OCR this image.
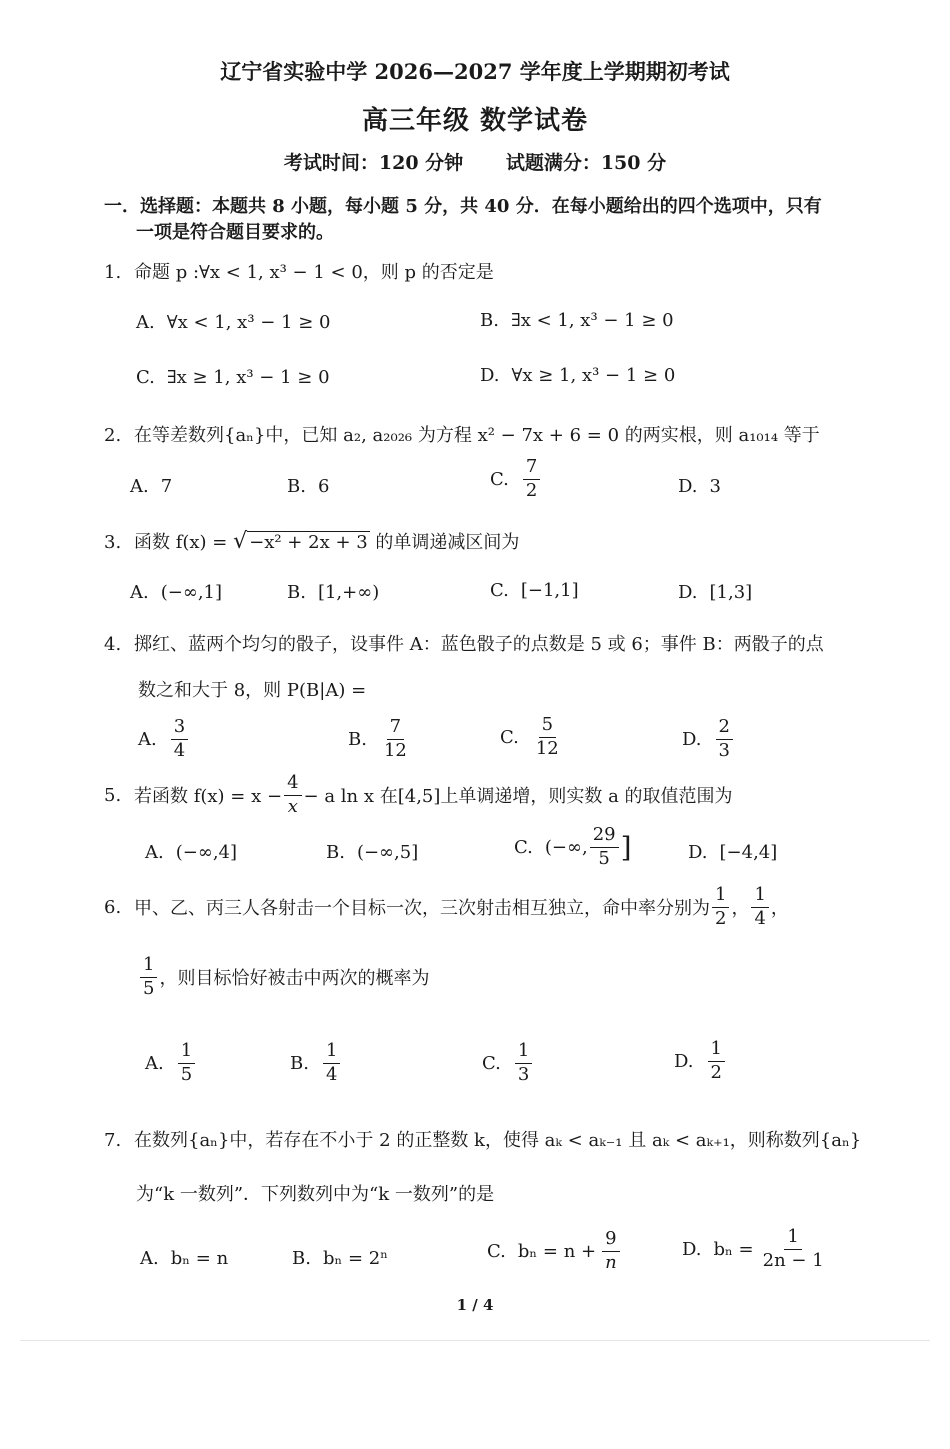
辽宁省实验中学 2026—2027 学年度上学期期初考试
高三年级 数学试卷
考试时间：120 分钟 试题满分：150 分
一．选择题：本题共 8 小题，每小题 5 分，共 40 分．在每小题给出的四个选项中，只有
一项是符合题目要求的。
1. 命题 p :∀x < 1, x³ − 1 < 0，则 p 的否定是
A. ∀x < 1, x³ − 1 ≥ 0	B. ∃x < 1, x³ − 1 ≥ 0
C. ∃x ≥ 1, x³ − 1 ≥ 0	D. ∀x ≥ 1, x³ − 1 ≥ 0
2. 在等差数列{aₙ}中，已知 a₂, a₂₀₂₆ 为方程 x² − 7x + 6 = 0 的两实根，则 a₁₀₁₄ 等于
A. 7	B. 6	C. $\frac{7}{2}$	D. 3
3. 函数 f(x) = √ −x² + 2x + 3 的单调递减区间为
A. (−∞,1]	B. [1,+∞)	C. [−1,1]	D. [1,3]
4. 掷红、蓝两个均匀的骰子，设事件 A：蓝色骰子的点数是 5 或 6；事件 B：两骰子的点
数之和大于 8，则 P(B|A) =
A. $\frac{3}{4}$	B. $\frac{7}{12}$	C. $\frac{5}{12}$	D. $\frac{2}{3}$
5. 若函数 $f(x) = x - \frac{4}{x} - a$ ln x 在[4,5]上单调递增，则实数 a 的取值范围为
A. (−∞,4]	B. (−∞,5]	C. (−∞, $\frac{29}{5}$ ]	D. [−4,4]
6. 甲、乙、丙三人各射击一个目标一次，三次射击相互独立，命中率分别为 $\frac{1}{2}$ ， $\frac{1}{4}$ ，
$\frac{1}{5}$ ，则目标恰好被击中两次的概率为
A. $\frac{1}{5}$	B. $\frac{1}{4}$	C. $\frac{1}{3}$	D. $\frac{1}{2}$
7. 在数列{aₙ}中，若存在不小于 2 的正整数 k，使得 aₖ < aₖ₋₁ 且 aₖ < aₖ₊₁，则称数列{aₙ}
为“k 一数列”．下列数列中为“k 一数列”的是
A. bₙ = n	B. bₙ = 2ⁿ	C. $b_n = n + \frac{9}{n}$	D. $b_n = \frac{1}{2n - 1}$
1 / 4
